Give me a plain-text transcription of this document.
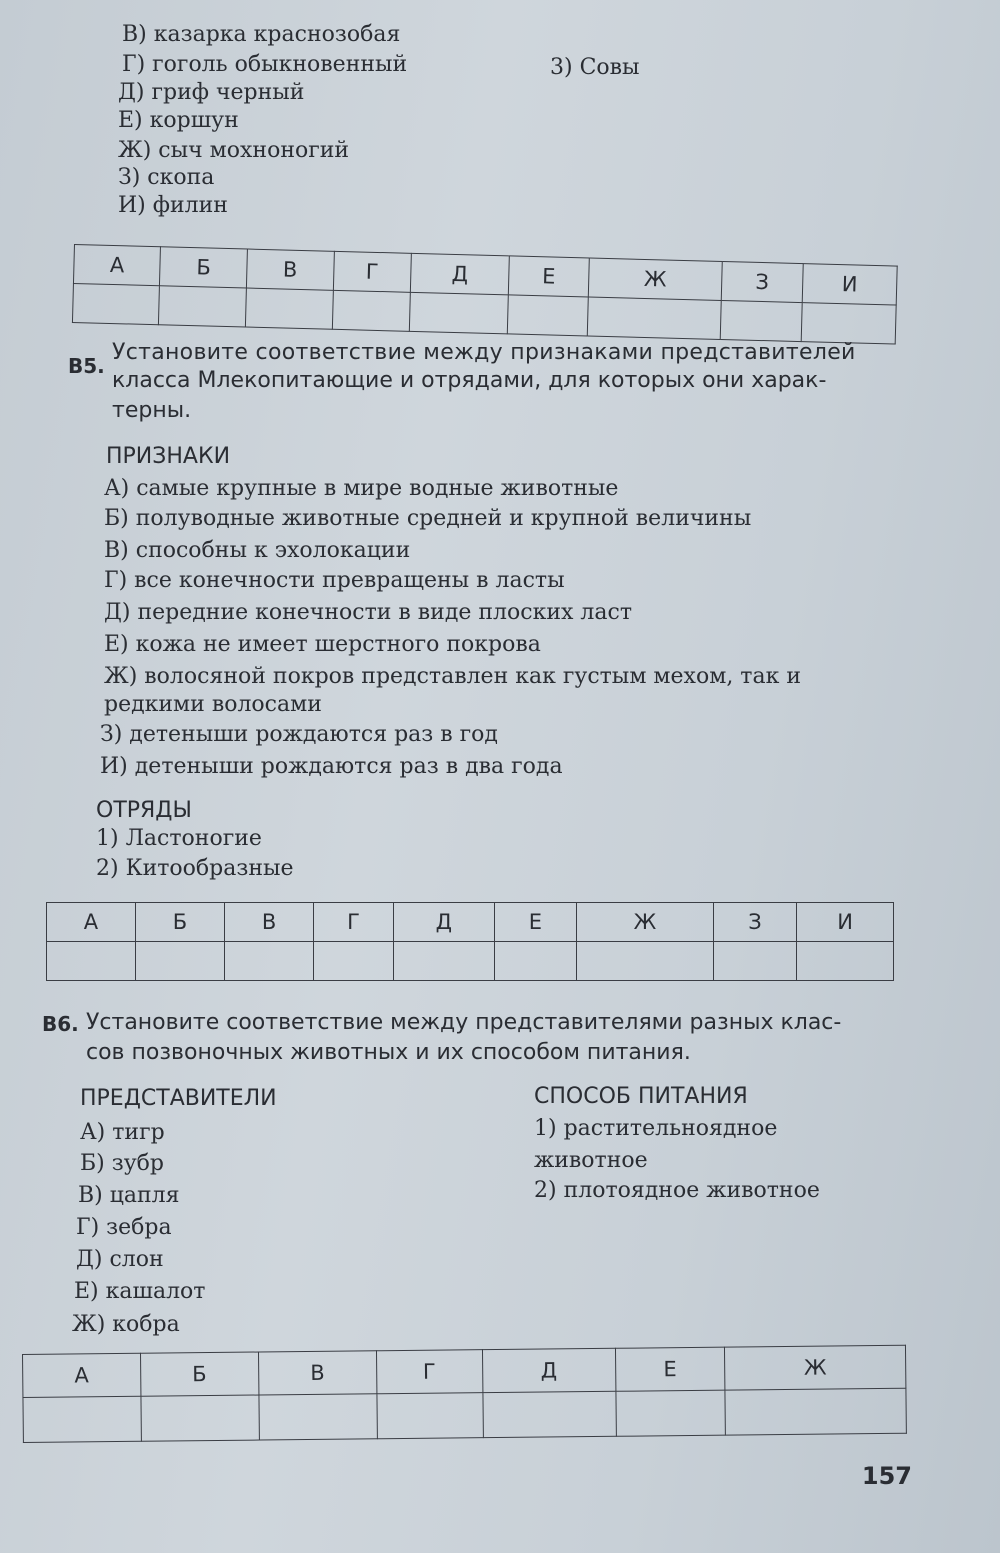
В) казарка краснозобая
Г) гоголь обыкновенный
Д) гриф черный
Е) коршун
Ж) сыч мохноногий
З) скопа
И) филин
3) Совы
А	Б	В	Г	Д	Е	Ж	З	И

В5.
Установите соответствие между признаками представителей
класса Млекопитающие и отрядами, для которых они харак-
терны.
ПРИЗНАКИ
А) самые крупные в мире водные животные
Б) полуводные животные средней и крупной величины
В) способны к эхолокации
Г) все конечности превращены в ласты
Д) передние конечности в виде плоских ласт
Е) кожа не имеет шерстного покрова
Ж) волосяной покров представлен как густым мехом, так и
редкими волосами
З) детеныши рождаются раз в год
И) детеныши рождаются раз в два года
ОТРЯДЫ
1) Ластоногие
2) Китообразные
А	Б	В	Г	Д	Е	Ж	З	И

В6. Установите соответствие между представителями разных клас-
сов позвоночных животных и их способом питания.
ПРЕДСТАВИТЕЛИ
А) тигр
Б) зубр
В) цапля
Г) зебра
Д) слон
Е) кашалот
Ж) кобра
СПОСОБ ПИТАНИЯ
1) растительноядное
животное
2) плотоядное животное
А	Б	В	Г	Д	Е	Ж

157
